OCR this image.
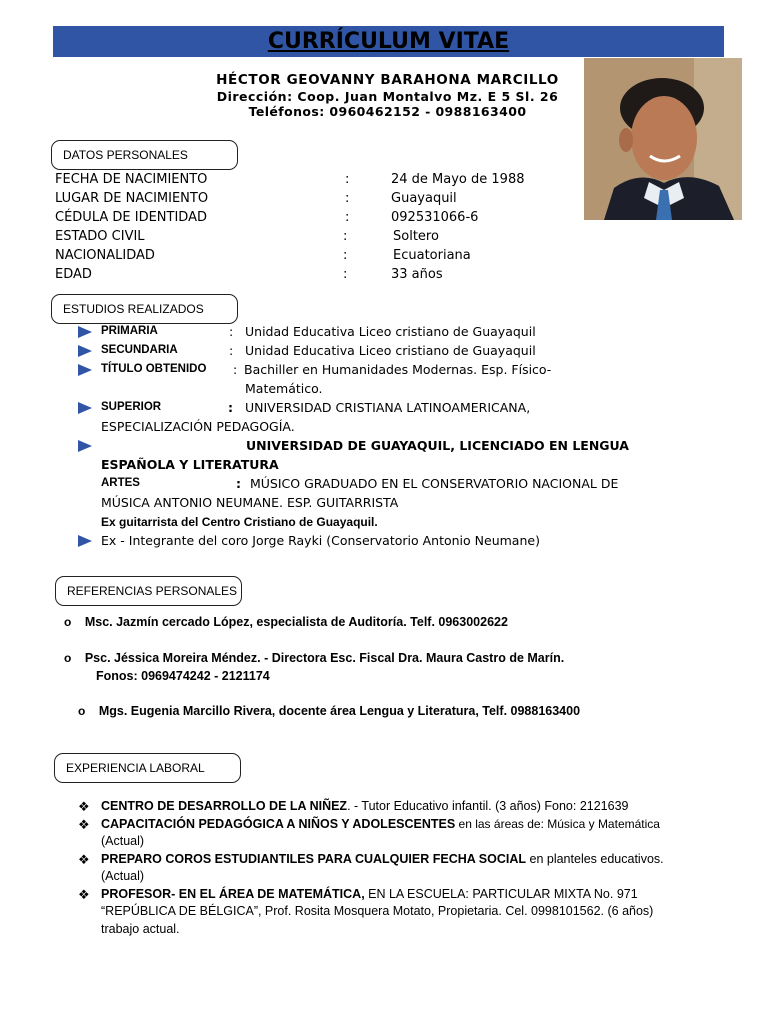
CURRÍCULUM VITAE
HÉCTOR GEOVANNY BARAHONA MARCILLO
Dirección: Coop. Juan Montalvo Mz. E 5 Sl. 26
Teléfonos: 0960462152 - 0988163400
DATOS PERSONALES
FECHA DE NACIMIENTO	:	24 de Mayo de 1988
LUGAR DE NACIMIENTO	:	Guayaquil
CÉDULA DE IDENTIDAD	:	092531066-6
ESTADO CIVIL	:	Soltero
NACIONALIDAD	:	Ecuatoriana
EDAD	:	33 años
ESTUDIOS REALIZADOS
PRIMARIA	: Unidad Educativa Liceo cristiano de Guayaquil
SECUNDARIA	: Unidad Educativa Liceo cristiano de Guayaquil
TÍTULO OBTENIDO : Bachiller en Humanidades Modernas. Esp. Físico-
Matemático.
SUPERIOR	: UNIVERSIDAD CRISTIANA LATINOAMERICANA,
ESPECIALIZACIÓN PEDAGOGÍA.
UNIVERSIDAD DE GUAYAQUIL, LICENCIADO EN LENGUA
ESPAÑOLA Y LITERATURA
ARTES	: MÚSICO GRADUADO EN EL CONSERVATORIO NACIONAL DE
MÚSICA ANTONIO NEUMANE. ESP. GUITARRISTA
Ex guitarrista del Centro Cristiano de Guayaquil.
Ex - Integrante del coro Jorge Rayki (Conservatorio Antonio Neumane)
REFERENCIAS PERSONALES
o Msc. Jazmín cercado López, especialista de Auditoría. Telf. 0963002622
o Psc. Jéssica Moreira Méndez. - Directora Esc. Fiscal Dra. Maura Castro de Marín.
Fonos: 0969474242 - 2121174
o Mgs. Eugenia Marcillo Rivera, docente área Lengua y Literatura, Telf. 0988163400
EXPERIENCIA LABORAL
❖ CENTRO DE DESARROLLO DE LA NIÑEZ. - Tutor Educativo infantil. (3 años) Fono: 2121639
❖ CAPACITACIÓN PEDAGÓGICA A NIÑOS Y ADOLESCENTES en las áreas de: Música y Matemática
(Actual)
❖ PREPARO COROS ESTUDIANTILES PARA CUALQUIER FECHA SOCIAL en planteles educativos.
(Actual)
❖ PROFESOR- EN EL ÁREA DE MATEMÁTICA, EN LA ESCUELA: PARTICULAR MIXTA No. 971
“REPÚBLICA DE BÉLGICA”, Prof. Rosita Mosquera Motato, Propietaria. Cel. 0998101562. (6 años)
trabajo actual.
